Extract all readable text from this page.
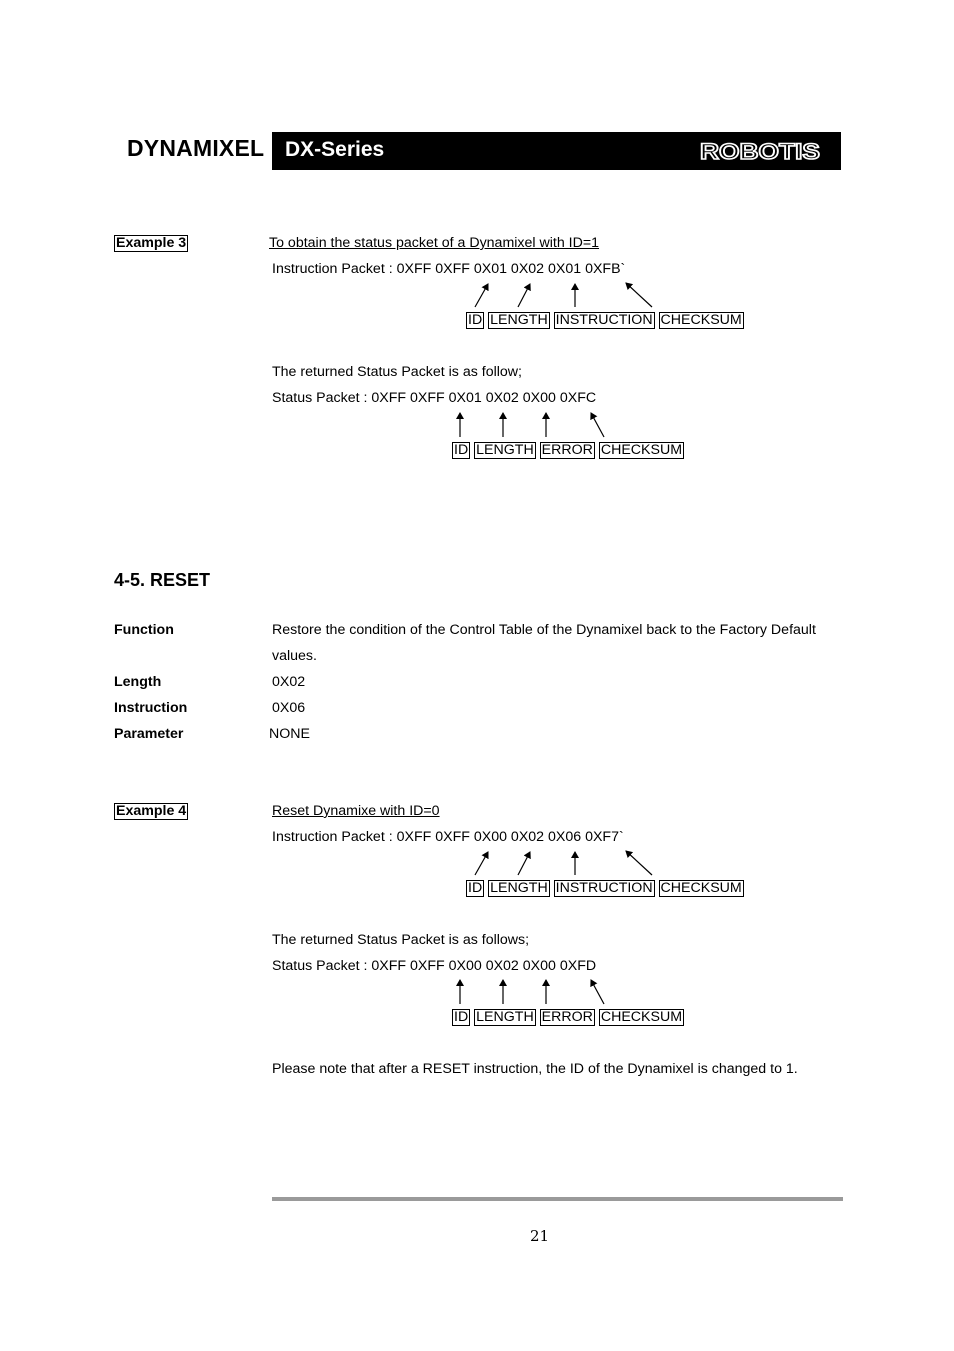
DYNAMIXEL DX-Series	ROBOTIS
Example 3	To obtain the status packet of a Dynamixel with ID=1
Instruction Packet : 0XFF 0XFF 0X01 0X02 0X01 0XFB`
ID LENGTH INSTRUCTION CHECKSUM
The returned Status Packet is as follow;
Status Packet : 0XFF 0XFF 0X01 0X02 0X00 0XFC
ID LENGTH ERROR CHECKSUM
4-5. RESET
Function	Restore the condition of the Control Table of the Dynamixel back to the Factory Default
values.
Length	0X02
Instruction	0X06
Parameter	NONE
Example 4	Reset Dynamixe with ID=0
Instruction Packet : 0XFF 0XFF 0X00 0X02 0X06 0XF7`
ID LENGTH INSTRUCTION CHECKSUM
The returned Status Packet is as follows;
Status Packet : 0XFF 0XFF 0X00 0X02 0X00 0XFD
ID LENGTH ERROR CHECKSUM
Please note that after a RESET instruction, the ID of the Dynamixel is changed to 1.
21
